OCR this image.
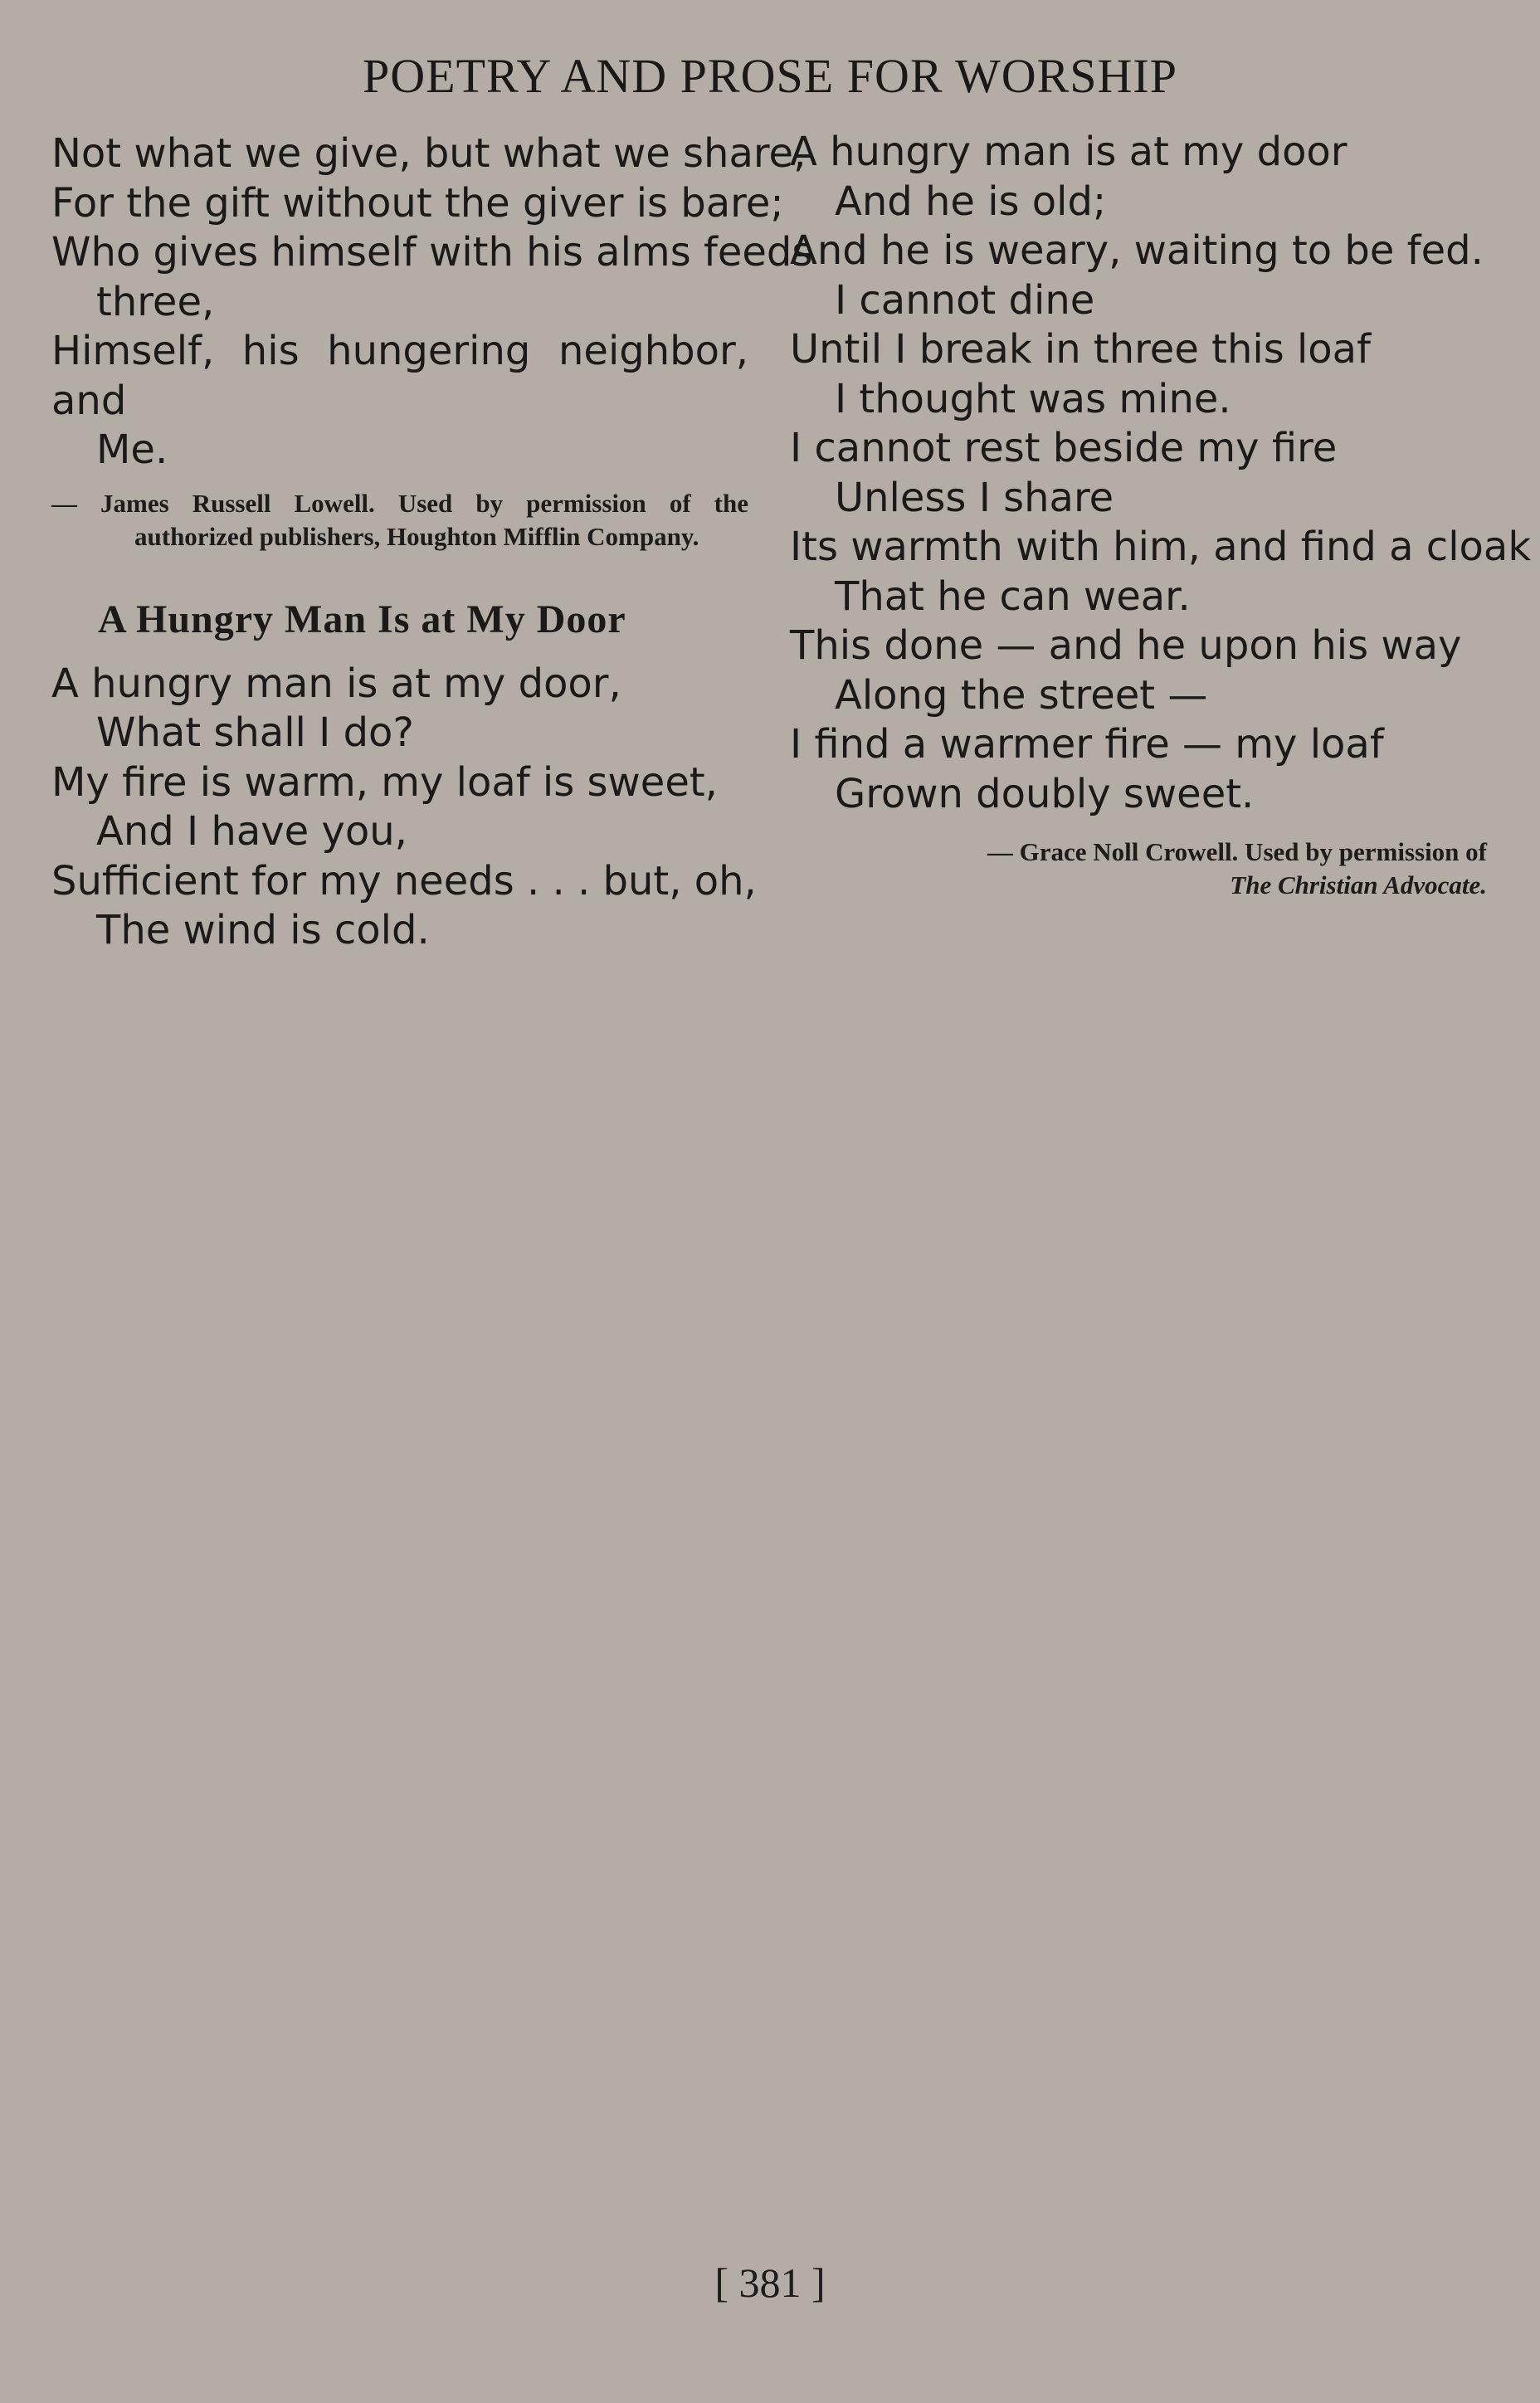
POETRY AND PROSE FOR WORSHIP
Not what we give, but what we share,
For the gift without the giver is bare;
Who gives himself with his alms feeds
three,
Himself, his hungering neighbor, and
Me.
— James Russell Lowell. Used by permission of the
authorized publishers, Houghton Mifflin Company.
A Hungry Man Is at My Door
A hungry man is at my door,
What shall I do?
My fire is warm, my loaf is sweet,
And I have you,
Sufficient for my needs . . . but, oh,
The wind is cold.
A hungry man is at my door
And he is old;
And he is weary, waiting to be fed.
I cannot dine
Until I break in three this loaf
I thought was mine.
I cannot rest beside my fire
Unless I share
Its warmth with him, and find a cloak
That he can wear.
This done — and he upon his way
Along the street —
I find a warmer fire — my loaf
Grown doubly sweet.
— Grace Noll Crowell. Used by permission of
The Christian Advocate.
[ 381 ]
